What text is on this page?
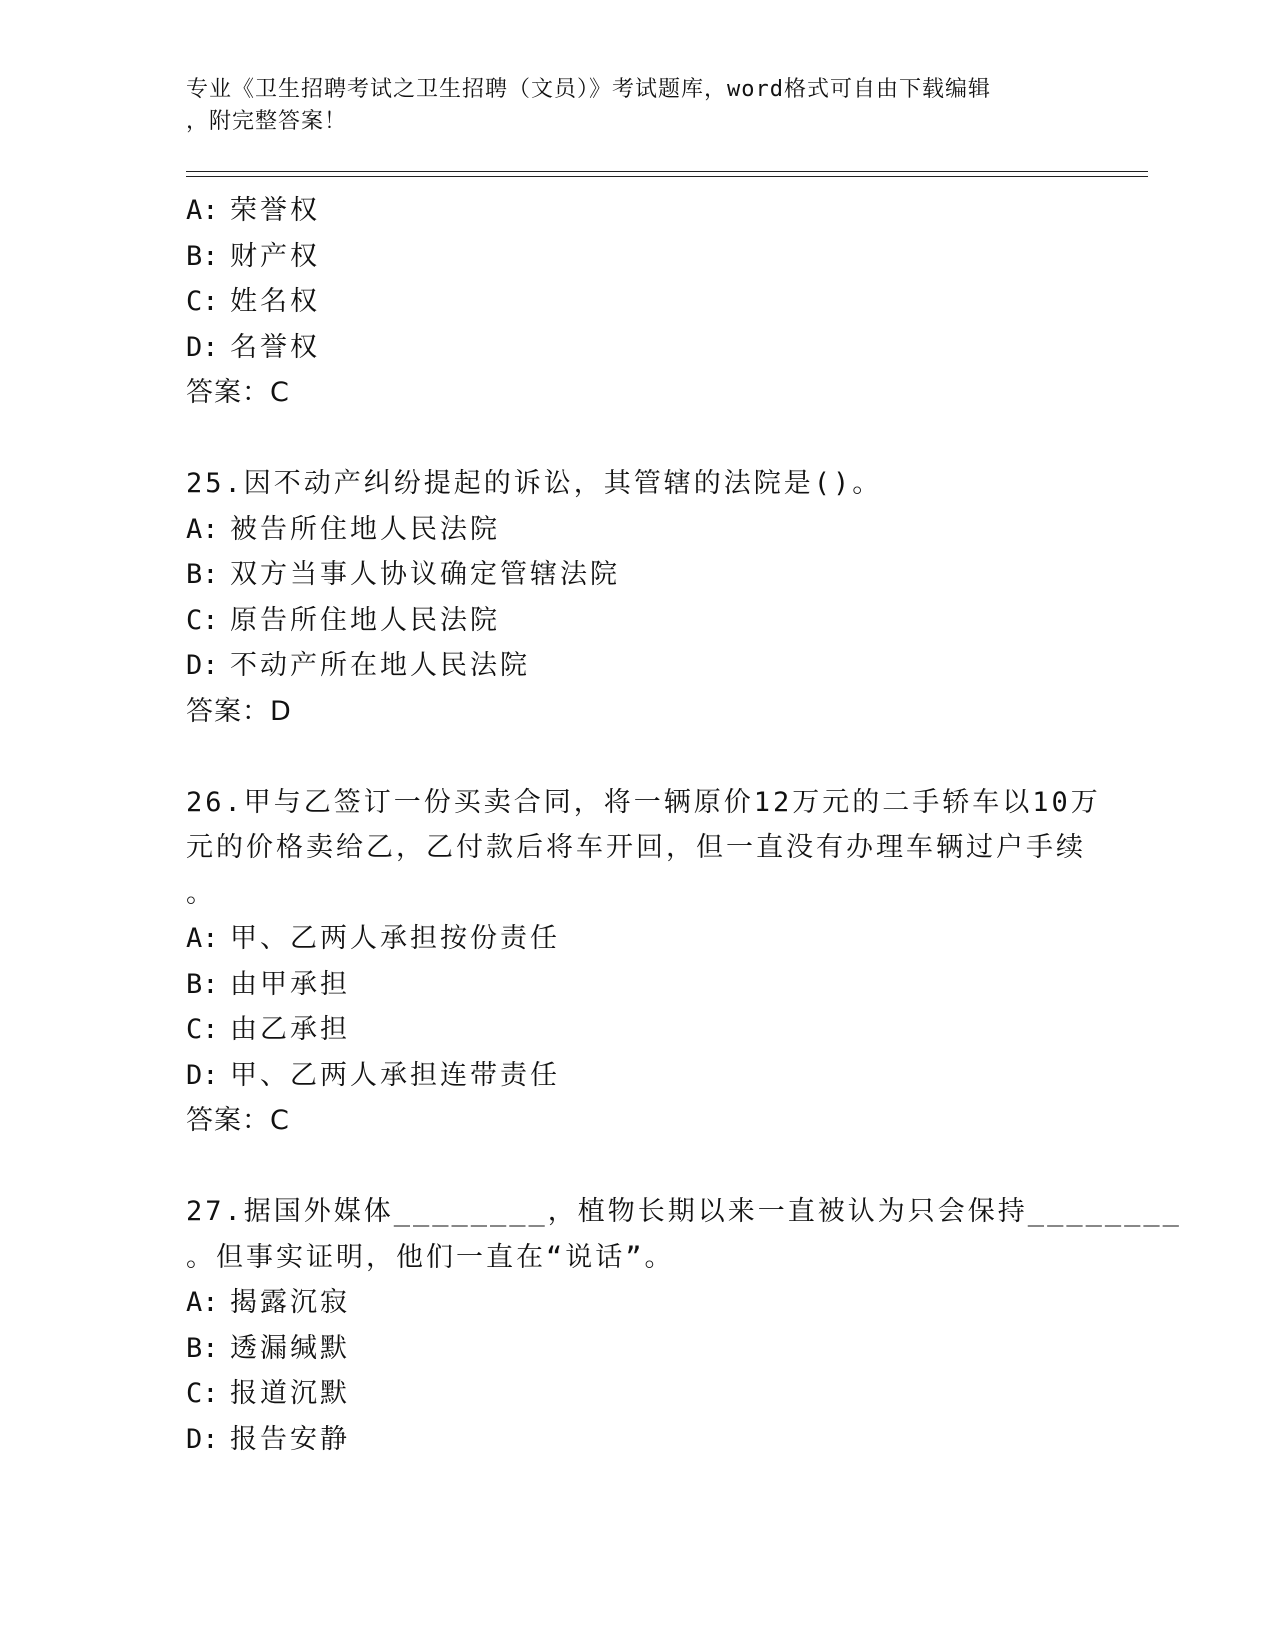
专业《卫生招聘考试之卫生招聘（文员）》考试题库，word格式可自由下载编辑
，附完整答案！
A: 荣誉权
B: 财产权
C: 姓名权
D: 名誉权
答案：C
25.因不动产纠纷提起的诉讼，其管辖的法院是()。
A: 被告所住地人民法院
B: 双方当事人协议确定管辖法院
C: 原告所住地人民法院
D: 不动产所在地人民法院
答案：D
26.甲与乙签订一份买卖合同，将一辆原价12万元的二手轿车以10万
元的价格卖给乙，乙付款后将车开回，但一直没有办理车辆过户手续
。
A: 甲、乙两人承担按份责任
B: 由甲承担
C: 由乙承担
D: 甲、乙两人承担连带责任
答案：C
27.据国外媒体________，植物长期以来一直被认为只会保持________
。但事实证明，他们一直在“说话”。
A: 揭露沉寂
B: 透漏缄默
C: 报道沉默
D: 报告安静
